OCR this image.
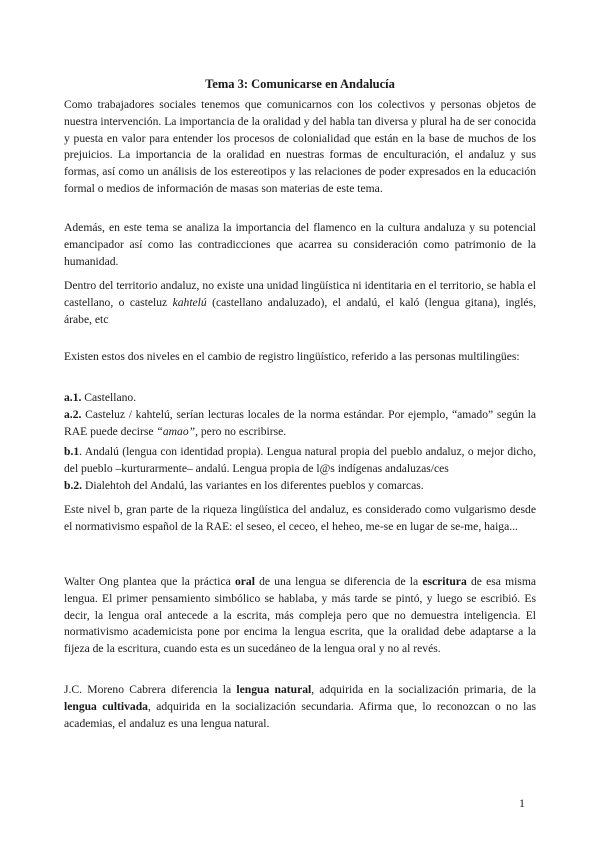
Tema 3: Comunicarse en Andalucía

Como trabajadores sociales tenemos que comunicarnos con los colectivos y personas objetos de nuestra intervención. La importancia de la oralidad y del habla tan diversa y plural ha de ser conocida y puesta en valor para entender los procesos de colonialidad que están en la base de muchos de los prejuicios. La importancia de la oralidad en nuestras formas de enculturación, el andaluz y sus formas, así como un análisis de los estereotipos y las relaciones de poder expresados en la educación formal o medios de información de masas son materias de este tema.

Además, en este tema se analiza la importancia del flamenco en la cultura andaluza y su potencial emancipador así como las contradicciones que acarrea su consideración como patrimonio de la humanidad.

Dentro del territorio andaluz, no existe una unidad lingüística ni identitaria en el territorio, se habla el castellano, o casteluz kahtelú (castellano andaluzado), el andalú, el kaló (lengua gitana), inglés, árabe, etc

Existen estos dos niveles en el cambio de registro lingüístico, referido a las personas multilingües:

a.1. Castellano.
a.2. Casteluz / kahtelú, serían lecturas locales de la norma estándar. Por ejemplo, “amado” según la RAE puede decirse “amao”, pero no escribirse.

b.1. Andalú (lengua con identidad propia). Lengua natural propia del pueblo andaluz, o mejor dicho, del pueblo –kurturarmente– andalú. Lengua propia de l@s indígenas andaluzas/ces

b.2. Dialehtoh del Andalú, las variantes en los diferentes pueblos y comarcas.

Este nivel b, gran parte de la riqueza lingüística del andaluz, es considerado como vulgarismo desde el normativismo español de la RAE: el seseo, el ceceo, el heheo, me-se en lugar de se-me, haiga...

Walter Ong plantea que la práctica oral de una lengua se diferencia de la escritura de esa misma lengua. El primer pensamiento simbólico se hablaba, y más tarde se pintó, y luego se escribió. Es decir, la lengua oral antecede a la escrita, más compleja pero que no demuestra inteligencia. El normativismo academicista pone por encima la lengua escrita, que la oralidad debe adaptarse a la fijeza de la escritura, cuando esta es un sucedáneo de la lengua oral y no al revés.

J.C. Moreno Cabrera diferencia la lengua natural, adquirida en la socialización primaria, de la lengua cultivada, adquirida en la socialización secundaria. Afirma que, lo reconozcan o no las academias, el andaluz es una lengua natural.

1
